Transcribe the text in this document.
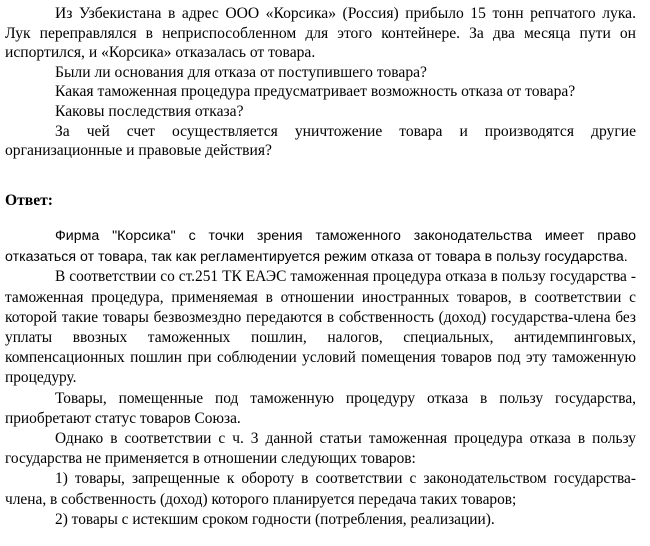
Из Узбекистана в адрес ООО «Корсика» (Россия) прибыло 15 тонн репчатого лука. Лук переправлялся в неприспособленном для этого контейнере. За два месяца пути он испортился, и «Корсика» отказалась от товара.

Были ли основания для отказа от поступившего товара?

Какая таможенная процедура предусматривает возможность отказа от товара?

Каковы последствия отказа?

За чей счет осуществляется уничтожение товара и производятся другие организационные и правовые действия?

Ответ:

Фирма "Корсика" с точки зрения таможенного законодательства имеет право отказаться от товара, так как регламентируется режим отказа от товара в пользу государства.

В соответствии со ст.251 ТК ЕАЭС таможенная процедура отказа в пользу государства - таможенная процедура, применяемая в отношении иностранных товаров, в соответствии с которой такие товары безвозмездно передаются в собственность (доход) государства-члена без уплаты ввозных таможенных пошлин, налогов, специальных, антидемпинговых, компенсационных пошлин при соблюдении условий помещения товаров под эту таможенную процедуру.

Товары, помещенные под таможенную процедуру отказа в пользу государства, приобретают статус товаров Союза.

Однако в соответствии с ч. 3 данной статьи таможенная процедура отказа в пользу государства не применяется в отношении следующих товаров:

1) товары, запрещенные к обороту в соответствии с законодательством государства-члена, в собственность (доход) которого планируется передача таких товаров;

2) товары с истекшим сроком годности (потребления, реализации).
